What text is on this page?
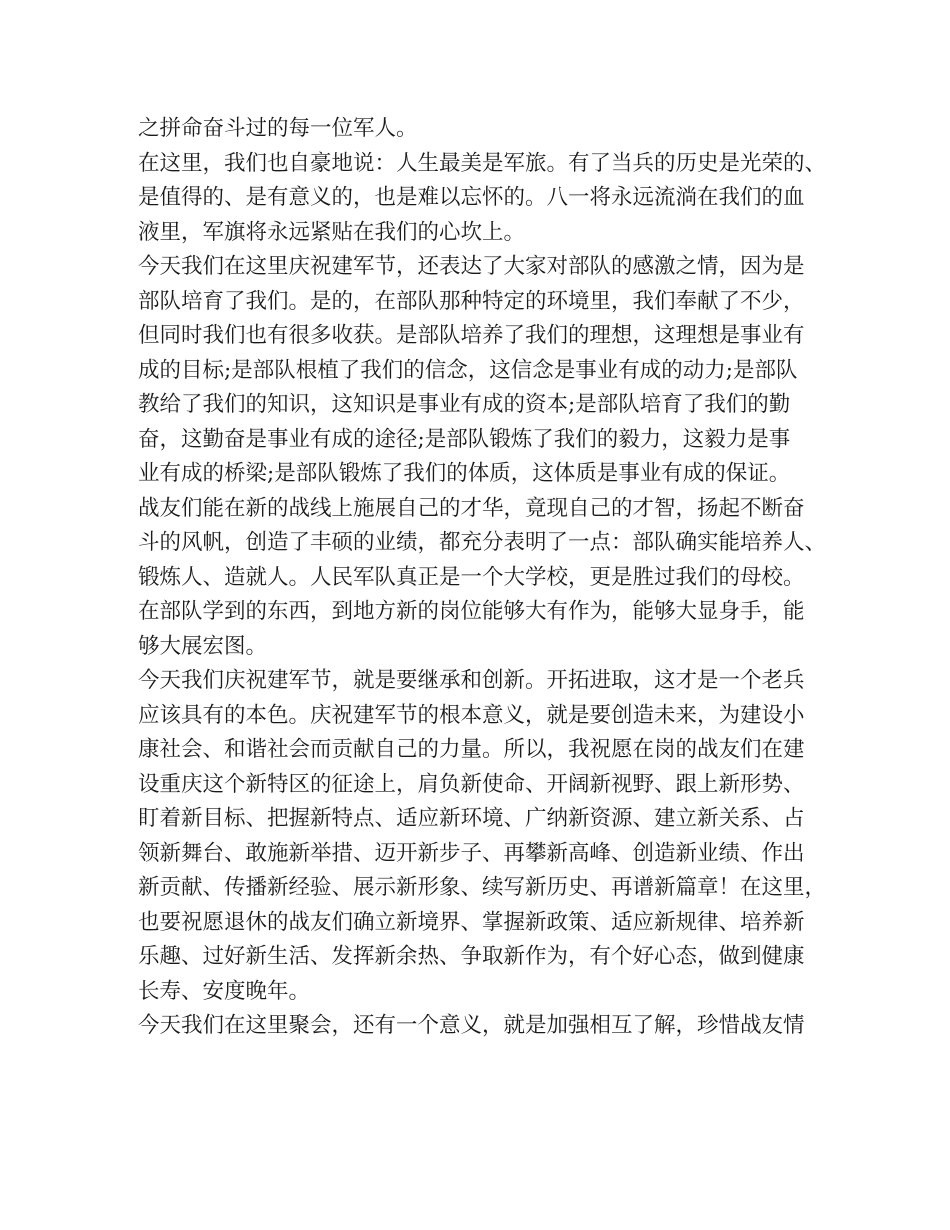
之拼命奋斗过的每一位军人。
在这里，我们也自豪地说：人生最美是军旅。有了当兵的历史是光荣的、
是值得的、是有意义的，也是难以忘怀的。八一将永远流淌在我们的血
液里，军旗将永远紧贴在我们的心坎上。
今天我们在这里庆祝建军节，还表达了大家对部队的感激之情，因为是
部队培育了我们。是的，在部队那种特定的环境里，我们奉献了不少，
但同时我们也有很多收获。是部队培养了我们的理想，这理想是事业有
成的目标;是部队根植了我们的信念，这信念是事业有成的动力;是部队
教给了我们的知识，这知识是事业有成的资本;是部队培育了我们的勤
奋，这勤奋是事业有成的途径;是部队锻炼了我们的毅力，这毅力是事
业有成的桥梁;是部队锻炼了我们的体质，这体质是事业有成的保证。
战友们能在新的战线上施展自己的才华，竟现自己的才智，扬起不断奋
斗的风帆，创造了丰硕的业绩，都充分表明了一点：部队确实能培养人、
锻炼人、造就人。人民军队真正是一个大学校，更是胜过我们的母校。
在部队学到的东西，到地方新的岗位能够大有作为，能够大显身手，能
够大展宏图。
今天我们庆祝建军节，就是要继承和创新。开拓进取，这才是一个老兵
应该具有的本色。庆祝建军节的根本意义，就是要创造未来，为建设小
康社会、和谐社会而贡献自己的力量。所以，我祝愿在岗的战友们在建
设重庆这个新特区的征途上，肩负新使命、开阔新视野、跟上新形势、
盯着新目标、把握新特点、适应新环境、广纳新资源、建立新关系、占
领新舞台、敢施新举措、迈开新步子、再攀新高峰、创造新业绩、作出
新贡献、传播新经验、展示新形象、续写新历史、再谱新篇章！在这里，
也要祝愿退休的战友们确立新境界、掌握新政策、适应新规律、培养新
乐趣、过好新生活、发挥新余热、争取新作为，有个好心态，做到健康
长寿、安度晚年。
今天我们在这里聚会，还有一个意义，就是加强相互了解，珍惜战友情
